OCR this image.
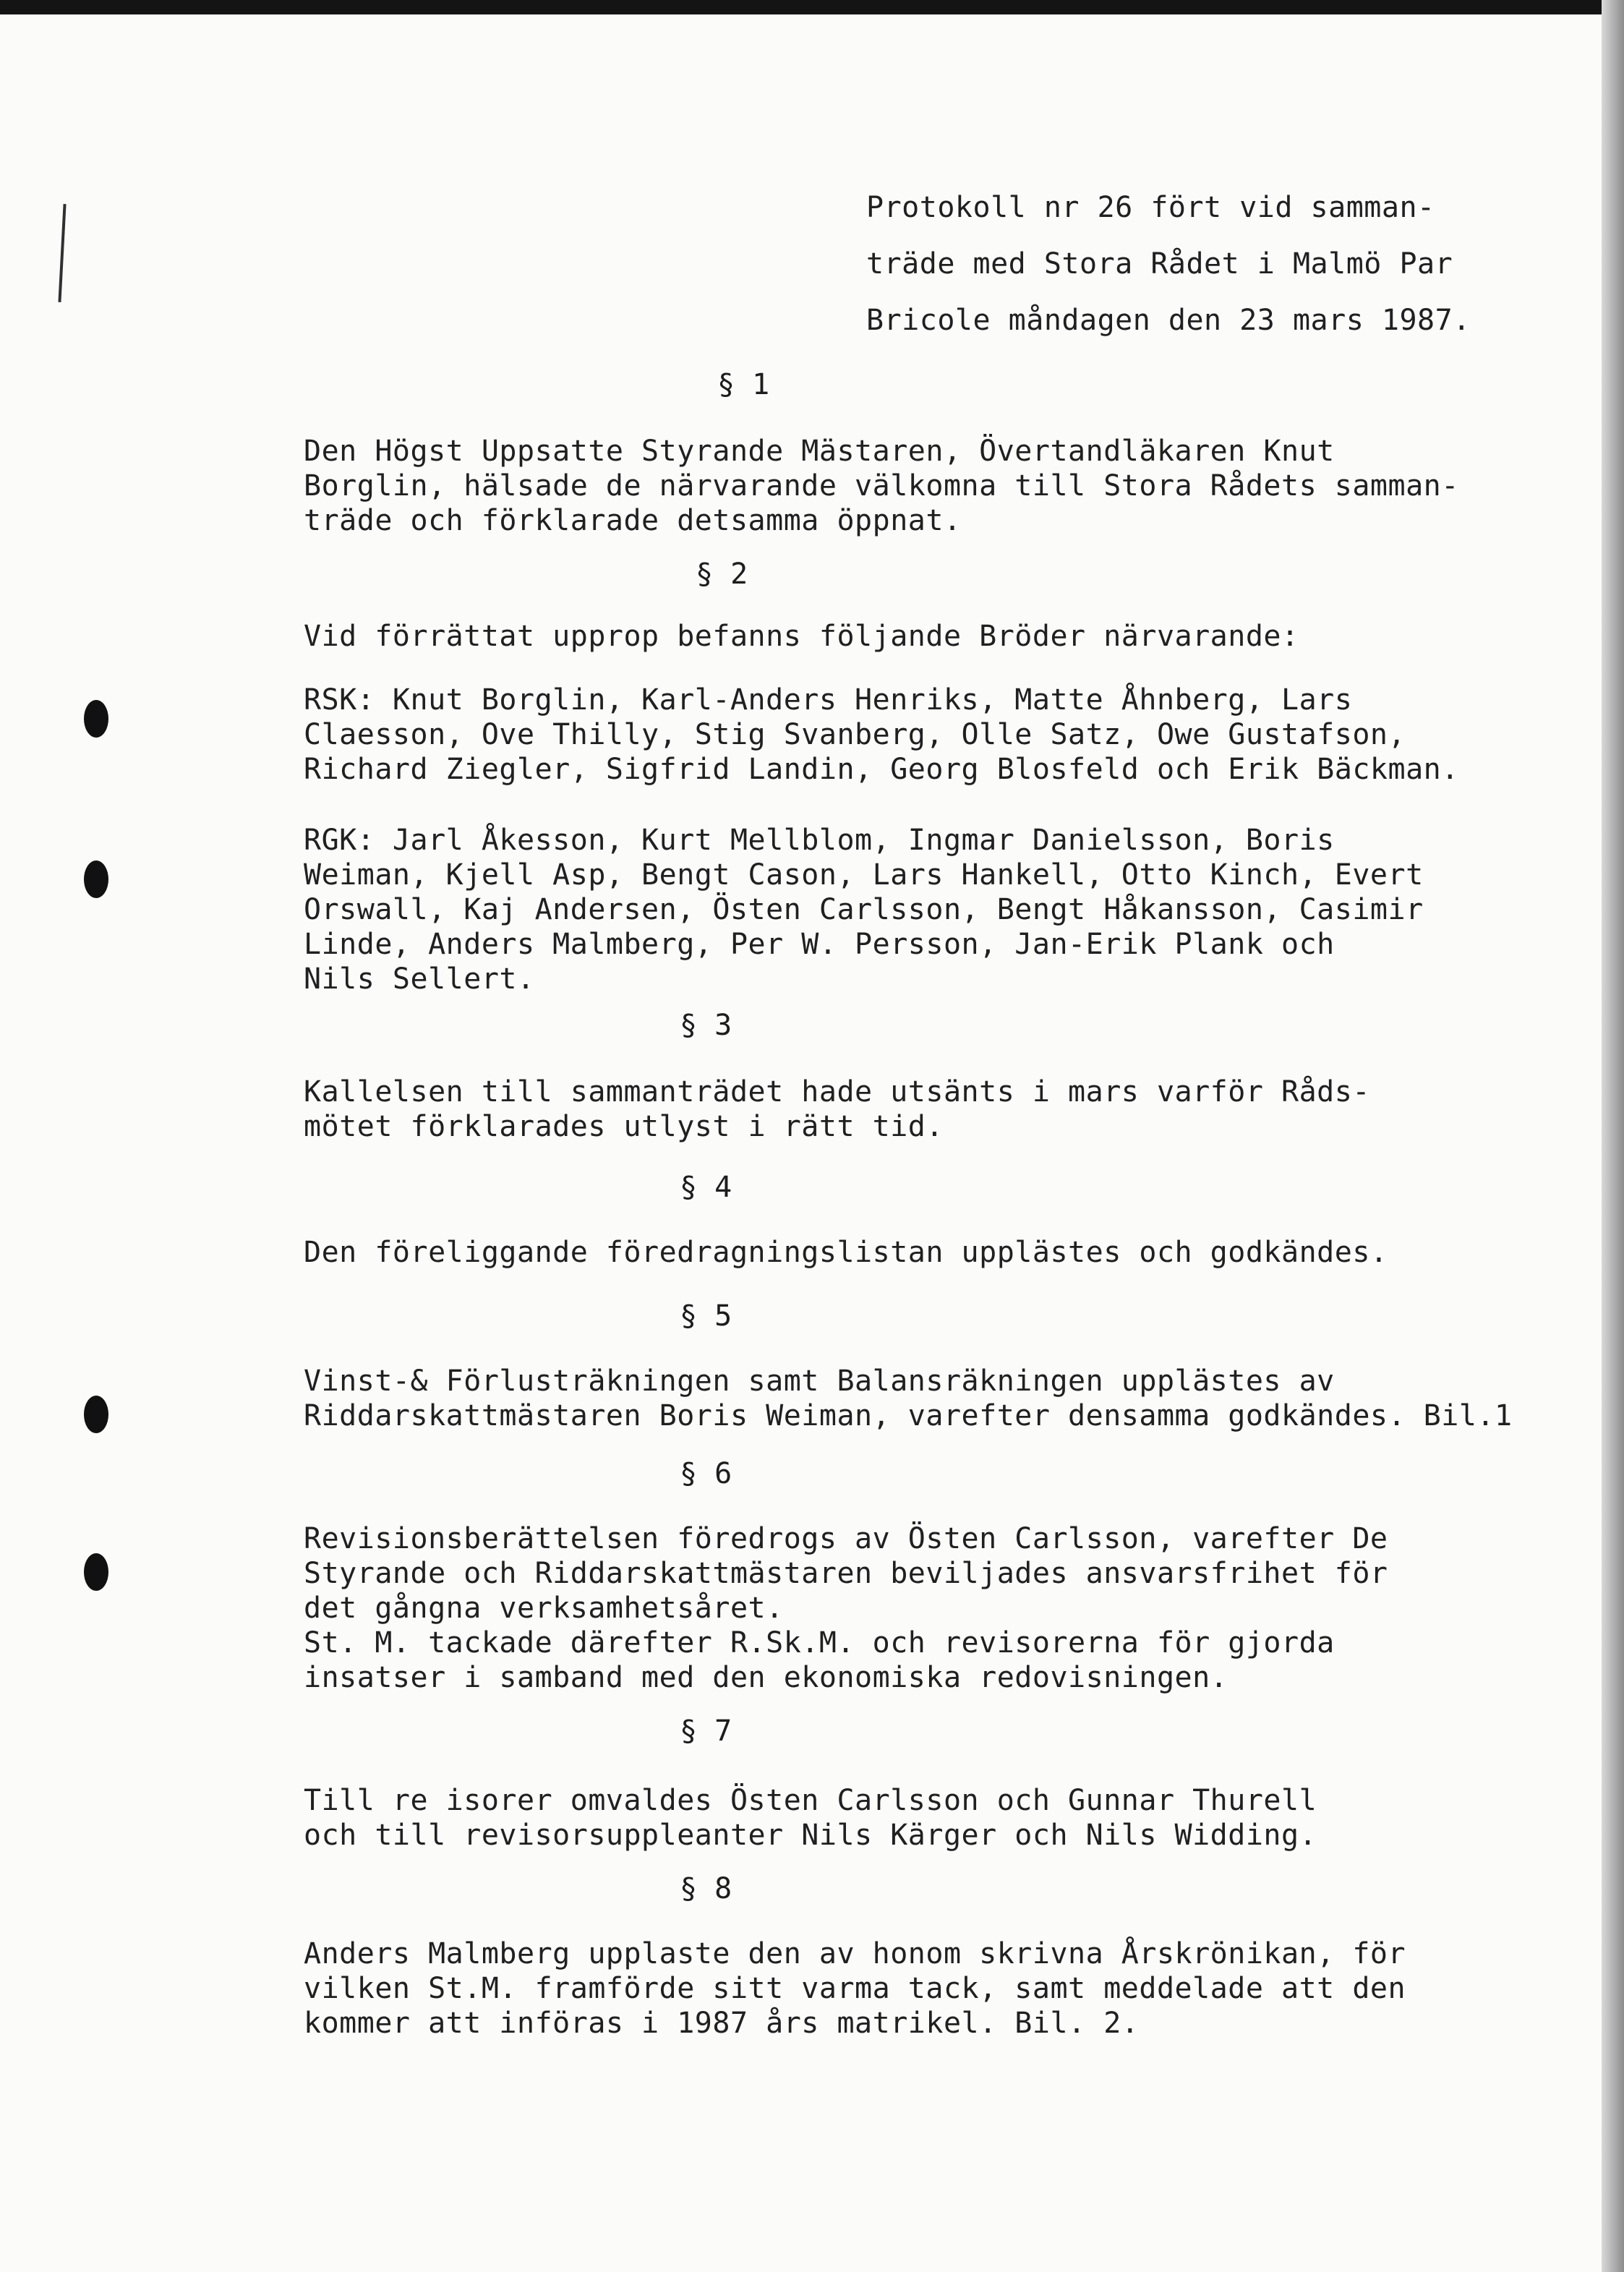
Protokoll nr 26 fört vid samman-
träde med Stora Rådet i Malmö Par
Bricole måndagen den 23 mars 1987.
§ 1
Den Högst Uppsatte Styrande Mästaren, Övertandläkaren Knut
Borglin, hälsade de närvarande välkomna till Stora Rådets samman-
träde och förklarade detsamma öppnat.
§ 2
Vid förrättat upprop befanns följande Bröder närvarande:
RSK: Knut Borglin, Karl-Anders Henriks, Matte Åhnberg, Lars
Claesson, Ove Thilly, Stig Svanberg, Olle Satz, Owe Gustafson,
Richard Ziegler, Sigfrid Landin, Georg Blosfeld och Erik Bäckman.
RGK: Jarl Åkesson, Kurt Mellblom, Ingmar Danielsson, Boris
Weiman, Kjell Asp, Bengt Cason, Lars Hankell, Otto Kinch, Evert
Orswall, Kaj Andersen, Östen Carlsson, Bengt Håkansson, Casimir
Linde, Anders Malmberg, Per W. Persson, Jan-Erik Plank och
Nils Sellert.
§ 3
Kallelsen till sammanträdet hade utsänts i mars varför Råds-
mötet förklarades utlyst i rätt tid.
§ 4
Den föreliggande föredragningslistan upplästes och godkändes.
§ 5
Vinst-& Förlusträkningen samt Balansräkningen upplästes av
Riddarskattmästaren Boris Weiman, varefter densamma godkändes. Bil.1
§ 6
Revisionsberättelsen föredrogs av Östen Carlsson, varefter De
Styrande och Riddarskattmästaren beviljades ansvarsfrihet för
det gångna verksamhetsåret.
St. M. tackade därefter R.Sk.M. och revisorerna för gjorda
insatser i samband med den ekonomiska redovisningen.
§ 7
Till re isorer omvaldes Östen Carlsson och Gunnar Thurell
och till revisorsuppleanter Nils Kärger och Nils Widding.
§ 8
Anders Malmberg upplaste den av honom skrivna Årskrönikan, för
vilken St.M. framförde sitt varma tack, samt meddelade att den
kommer att införas i 1987 års matrikel. Bil. 2.
